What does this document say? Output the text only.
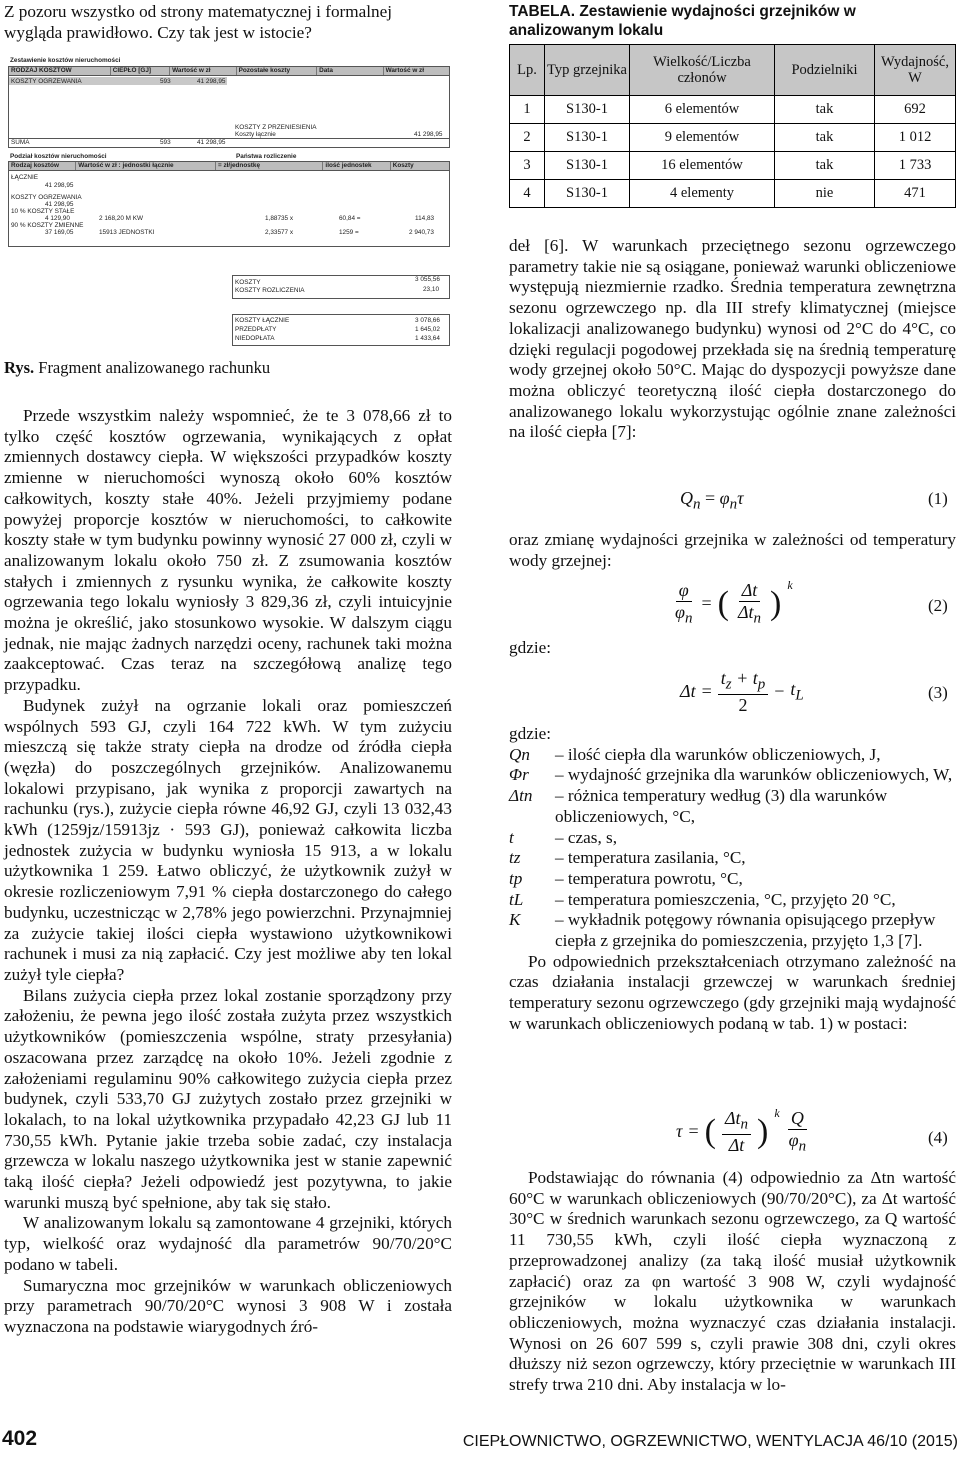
Z pozoru wszystko od strony matematycznej i formalnej wygląda prawidłowo. Czy tak jest w istocie?

Zestawienie kosztów nieruchomości
RODZAJ KOSZTÓW	CIEPŁO [GJ]	Wartość w zł	Pozostałe koszty	Data	Wartość w zł
KOSZTY OGRZEWANIA	593	41 298,95
KOSZTY Z PRZENIESIENIA
Koszty łącznie	41 298,95
SUMA	593	41 298,95
Podział kosztów nieruchomości	Państwa rozliczenie
Rodzaj kosztów	Wartość w zł : jednostki łącznie	= zł/jednostkę	ilość jednostek	Koszty
ŁĄCZNIE
41 298,95
KOSZTY OGRZEWANIA
41 298,95
10 % KOSZTY STAŁE
4 129,90	2 168,20 M KW	1,88735 x	60,84 =	114,83
90 % KOSZTY ZMIENNE
37 169,05	15913 JEDNOSTKI	2,33577 x	1259 =	2 940,73
KOSZTY	3 055,56
KOSZTY ROZLICZENIA	23,10
KOSZTY ŁĄCZNIE	3 078,66
PRZEDPŁATY	1 645,02
NIEDOPŁATA	1 433,64
Rys. Fragment analizowanego rachunku

Przede wszystkim należy wspomnieć, że te 3 078,66 zł to tylko część kosztów ogrzewania, wynikających z opłat zmiennych dostawcy ciepła. W większości przypadków koszty zmienne w nieruchomości wynoszą około 60% kosztów całkowitych, koszty stałe 40%. Jeżeli przyjmiemy podane powyżej proporcje kosztów w nieruchomości, to całkowite koszty stałe w tym budynku powinny wynosić 27 000 zł, czyli w analizowanym lokalu około 750 zł. Z zsumowania kosztów stałych i zmiennych z rysunku wynika, że całkowite koszty ogrzewania tego lokalu wyniosły 3 829,36 zł, czyli intuicyjnie można je określić, jako stosunkowo wysokie. W dalszym ciągu jednak, nie mając żadnych narzędzi oceny, rachunek taki można zaakceptować. Czas teraz na szczegółową analizę tego przypadku.

Budynek zużył na ogrzanie lokali oraz pomieszczeń wspólnych 593 GJ, czyli 164 722 kWh. W tym zużyciu mieszczą się także straty ciepła na drodze od źródła ciepła (węzła) do poszczególnych grzejników. Analizowanemu lokalowi przypisano, jak wynika z proporcji zawartych na rachunku (rys.), zużycie ciepła równe 46,92 GJ, czyli 13 032,43 kWh (1259jz/15913jz · 593 GJ), ponieważ całkowita liczba jednostek zużycia w budynku wyniosła 15 913, a w lokalu użytkownika 1 259. Łatwo obliczyć, że użytkownik zużył w okresie rozliczeniowym 7,91 % ciepła dostarczonego do całego budynku, uczestnicząc w 2,78% jego powierzchni. Przynajmniej za zużycie takiej ilości ciepła wystawiono użytkownikowi rachunek i musi za nią zapłacić. Czy jest możliwe aby ten lokal zużył tyle ciepła?

Bilans zużycia ciepła przez lokal zostanie sporządzony przy założeniu, że pewna jego ilość została zużyta przez wszystkich użytkowników (pomieszczenia wspólne, straty przesyłania) oszacowana przez zarządcę na około 10%. Jeżeli zgodnie z założeniami regulaminu 90% całkowitego zużycia ciepła przez budynek, czyli 533,70 GJ zużytych zostało przez grzejniki w lokalach, to na lokal użytkownika przypadało 42,23 GJ lub 11 730,55 kWh. Pytanie jakie trzeba sobie zadać, czy instalacja grzewcza w lokalu naszego użytkownika jest w stanie zapewnić taką ilość ciepła? Jeżeli odpowiedź jest pozytywna, to jakie warunki muszą być spełnione, aby tak się stało.

W analizowanym lokalu są zamontowane 4 grzejniki, których typ, wielkość oraz wydajność dla parametrów 90/70/20°C podano w tabeli.

Sumaryczna moc grzejników w warunkach obliczeniowych przy parametrach 90/70/20°C wynosi 3 908 W i została wyznaczona na podstawie wiarygodnych źró-

TABELA. Zestawienie wydajności grzejników w analizowanym lokalu
Lp.	Typ grzejnika	Wielkość/Liczba członów	Podzielniki	Wydajność, W
1	S130-1	6 elementów	tak	692
2	S130-1	9 elementów	tak	1 012
3	S130-1	16 elementów	tak	1 733
4	S130-1	4 elementy	nie	471

deł [6]. W warunkach przeciętnego sezonu ogrzewczego parametry takie nie są osiągane, ponieważ warunki obliczeniowe występują niezmiernie rzadko. Średnia temperatura zewnętrzna sezonu ogrzewczego np. dla III strefy klimatycznej (miejsce lokalizacji analizowanego budynku) wynosi od 2°C do 4°C, co dzięki regulacji pogodowej przekłada się na średnią temperaturę wody grzejnej około 50°C. Mając do dyspozycji powyższe dane można obliczyć teoretyczną ilość ciepła dostarczonego do analizowanego lokalu wykorzystując ogólnie znane zależności na ilość ciepła [7]:

$Q_n = \varphi_n\tau$	(1)

oraz zmianę wydajności grzejnika w zależności od temperatury wody grzejnej:

$\frac{\varphi}{\varphi_n}$ = ( $\frac{\Delta t}{\Delta t_n}$ ) $^k$
(2)
gdzie:
$\Delta t = \frac{t_z + t_p}{2} - t_L$	(3)

gdzie:

Qn	– ilość ciepła dla warunków obliczeniowych, J,
Φr	– wydajność grzejnika dla warunków obliczeniowych, W,
Δtn	– różnica temperatury według (3) dla warunków obliczeniowych, °C,
t	– czas, s,
tz	– temperatura zasilania, °C,
tp	– temperatura powrotu, °C,
tL	– temperatura pomieszczenia, °C, przyjęto 20 °C,
K	– wykładnik potęgowy równania opisującego przepływ ciepła z grzejnika do pomieszczenia, przyjęto 1,3 [7].

Po odpowiednich przekształceniach otrzymano zależność na czas działania instalacji grzewczej w warunkach średniej temperatury sezonu ogrzewczego (gdy grzejniki mają wydajność w warunkach obliczeniowych podaną w tab. 1) w postaci:

τ = ( $\frac{\Delta t_n}{\Delta t}$ ) $^k \frac{Q}{\varphi_n}$	(4)

Podstawiając do równania (4) odpowiednio za Δtn wartość 60°C w warunkach obliczeniowych (90/70/20°C), za Δt wartość 30°C w średnich warunkach sezonu ogrzewczego, za Q wartość 11 730,55 kWh, czyli ilość ciepła wyznaczoną z przeprowadzonej analizy (za taką ilość musiał użytkownik zapłacić) oraz za φn wartość 3 908 W, czyli wydajność grzejników w lokalu użytkownika w warunkach obliczeniowych, można wyznaczyć czas działania instalacji. Wynosi on 26 607 599 s, czyli prawie 308 dni, czyli okres dłuższy niż sezon ogrzewczy, który przeciętnie w warunkach III strefy trwa 210 dni. Aby instalacja w lo-

402	CIEPŁOWNICTWO, OGRZEWNICTWO, WENTYLACJA 46/10 (2015)
